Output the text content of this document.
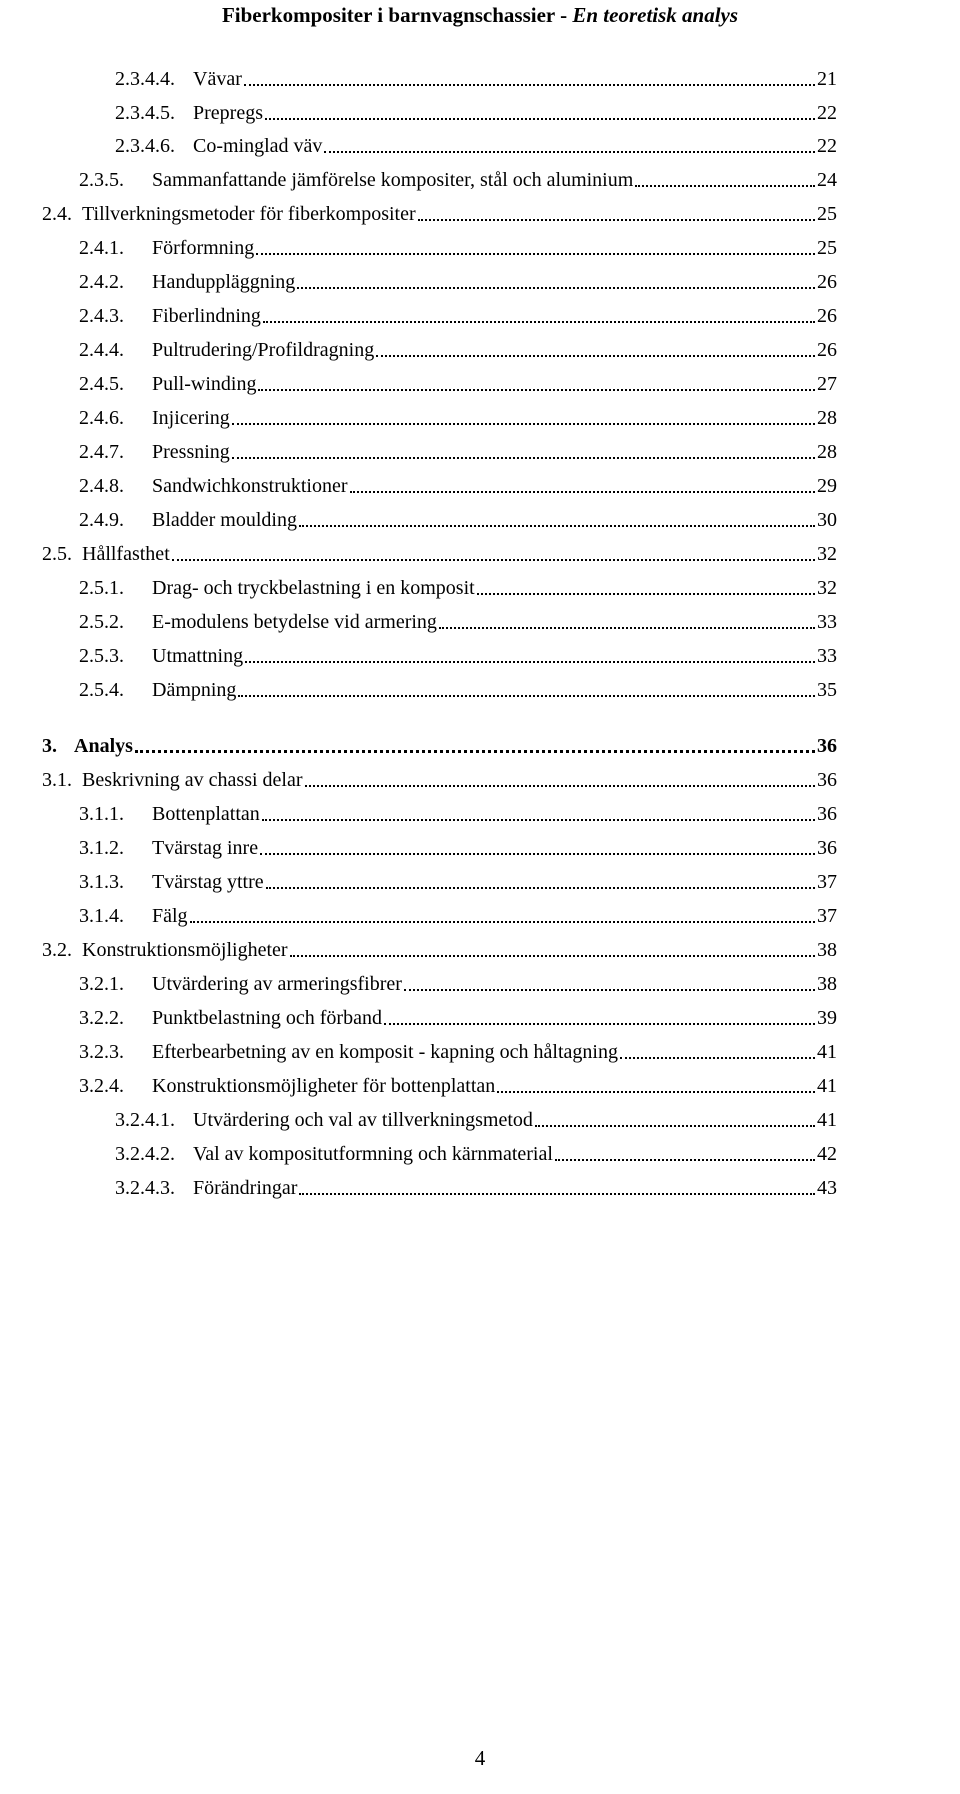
Fiberkompositer i barnvagnschassier - En teoretisk analys
2.3.4.4. Vävar	21
2.3.4.5. Prepregs	22
2.3.4.6. Co-minglad väv	22
2.3.5.	Sammanfattande jämförelse kompositer, stål och aluminium	24
2.4. Tillverkningsmetoder för fiberkompositer	25
2.4.1.	Förformning	25
2.4.2.	Handuppläggning	26
2.4.3.	Fiberlindning	26
2.4.4.	Pultrudering/Profildragning	26
2.4.5.	Pull-winding	27
2.4.6.	Injicering	28
2.4.7.	Pressning	28
2.4.8.	Sandwichkonstruktioner	29
2.4.9.	Bladder moulding	30
2.5. Hållfasthet	32
2.5.1.	Drag- och tryckbelastning i en komposit	32
2.5.2.	E-modulens betydelse vid armering	33
2.5.3.	Utmattning	33
2.5.4.	Dämpning	35
3. Analys	36
3.1. Beskrivning av chassi delar	36
3.1.1.	Bottenplattan	36
3.1.2.	Tvärstag inre	36
3.1.3.	Tvärstag yttre	37
3.1.4.	Fälg	37
3.2. Konstruktionsmöjligheter	38
3.2.1.	Utvärdering av armeringsfibrer	38
3.2.2.	Punktbelastning och förband	39
3.2.3.	Efterbearbetning av en komposit - kapning och håltagning	41
3.2.4.	Konstruktionsmöjligheter för bottenplattan	41
3.2.4.1. Utvärdering och val av tillverkningsmetod	41
3.2.4.2. Val av kompositutformning och kärnmaterial	42
3.2.4.3. Förändringar	43
4
